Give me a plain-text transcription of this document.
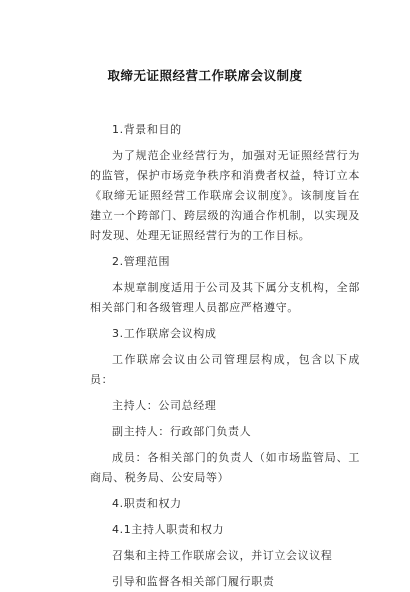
取缔无证照经营工作联席会议制度

1.背景和目的

为了规范企业经营行为，加强对无证照经营行为的监管，保护市场竞争秩序和消费者权益，特订立本《取缔无证照经营工作联席会议制度》。该制度旨在建立一个跨部门、跨层级的沟通合作机制，以实现及时发现、处理无证照经营行为的工作目标。

2.管理范围

本规章制度适用于公司及其下属分支机构，全部相关部门和各级管理人员都应严格遵守。

3.工作联席会议构成

工作联席会议由公司管理层构成，包含以下成员：

主持人：公司总经理

副主持人：行政部门负责人

成员：各相关部门的负责人（如市场监管局、工商局、税务局、公安局等）

4.职责和权力

4.1主持人职责和权力

召集和主持工作联席会议，并订立会议议程

引导和监督各相关部门履行职责
